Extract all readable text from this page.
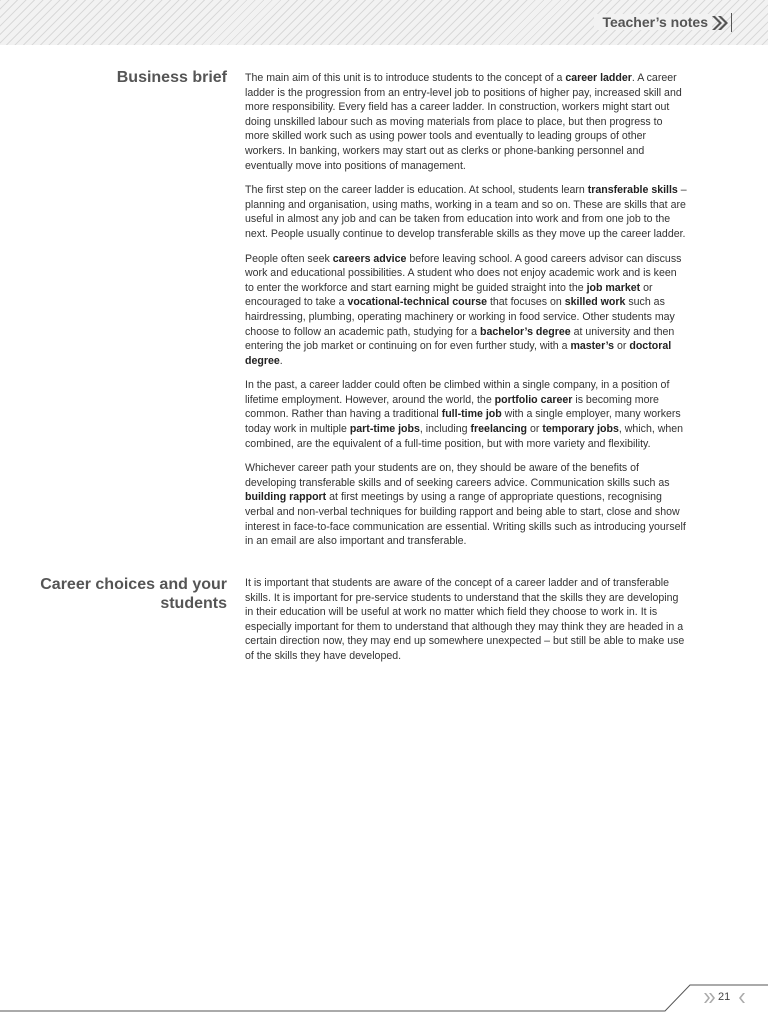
Teacher’s notes
Business brief The main aim of this unit is to introduce students to the concept of a career ladder. A career ladder is the progression from an entry-level job to positions of higher pay, increased skill and more responsibility. Every field has a career ladder. In construction, workers might start out doing unskilled labour such as moving materials from place to place, but then progress to more skilled work such as using power tools and eventually to leading groups of other workers. In banking, workers may start out as clerks or phone-banking personnel and eventually move into positions of management.

The first step on the career ladder is education. At school, students learn transferable skills – planning and organisation, using maths, working in a team and so on. These are skills that are useful in almost any job and can be taken from education into work and from one job to the next. People usually continue to develop transferable skills as they move up the career ladder.

People often seek careers advice before leaving school. A good careers advisor can discuss work and educational possibilities. A student who does not enjoy academic work and is keen to enter the workforce and start earning might be guided straight into the job market or encouraged to take a vocational-technical course that focuses on skilled work such as hairdressing, plumbing, operating machinery or working in food service. Other students may choose to follow an academic path, studying for a bachelor’s degree at university and then entering the job market or continuing on for even further study, with a master’s or doctoral degree.

In the past, a career ladder could often be climbed within a single company, in a position of lifetime employment. However, around the world, the portfolio career is becoming more common. Rather than having a traditional full-time job with a single employer, many workers today work in multiple part-time jobs, including freelancing or temporary jobs, which, when combined, are the equivalent of a full-time position, but with more variety and flexibility.

Whichever career path your students are on, they should be aware of the benefits of developing transferable skills and of seeking careers advice. Communication skills such as building rapport at first meetings by using a range of appropriate questions, recognising verbal and non-verbal techniques for building rapport and being able to start, close and show interest in face-to-face communication are essential. Writing skills such as introducing yourself in an email are also important and transferable.

Career choices and your students

It is important that students are aware of the concept of a career ladder and of transferable skills. It is important for pre-service students to understand that the skills they are developing in their education will be useful at work no matter which field they choose to work in. It is especially important for them to understand that although they may think they are headed in a certain direction now, they may end up somewhere unexpected – but still be able to make use of the skills they have developed.

21
